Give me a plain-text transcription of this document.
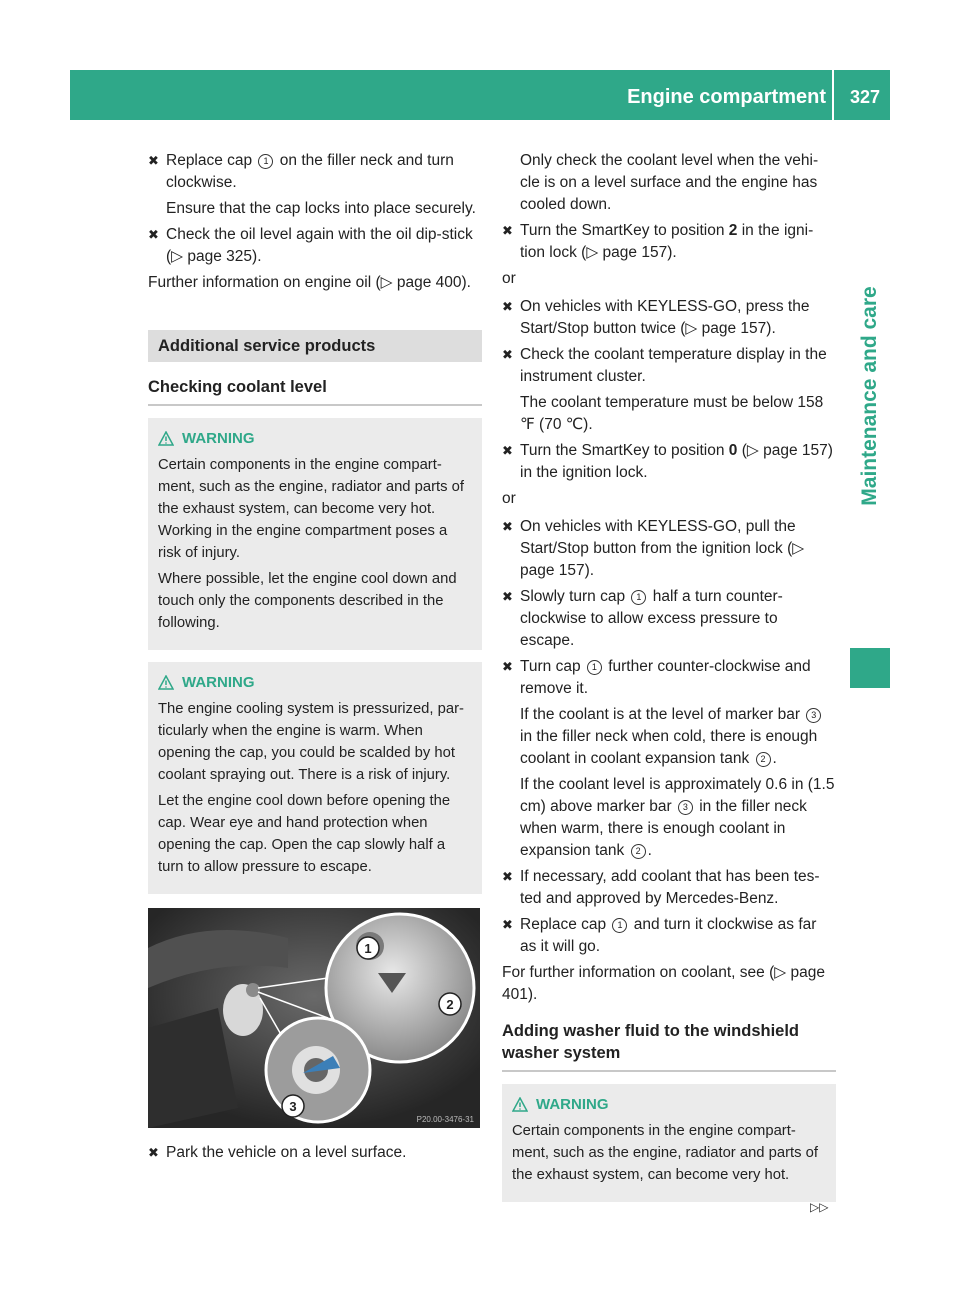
Engine compartment 327
Maintenance and care
✖ Replace cap 1 on the filler neck and turn clockwise.
Ensure that the cap locks into place securely.
✖ Check the oil level again with the oil dip-stick (▷ page 325).

Further information on engine oil (▷ page 400).

Additional service products
Checking coolant level
WARNING

Certain components in the engine compart-ment, such as the engine, radiator and parts of the exhaust system, can become very hot. Working in the engine compartment poses a risk of injury.

Where possible, let the engine cool down and touch only the components described in the following.

WARNING

The engine cooling system is pressurized, par-ticularly when the engine is warm. When opening the cap, you could be scalded by hot coolant spraying out. There is a risk of injury.

Let the engine cool down before opening the cap. Wear eye and hand protection when opening the cap. Open the cap slowly half a turn to allow pressure to escape.

1
2
3
P20.00-3476-31
✖ Park the vehicle on a level surface.
Only check the coolant level when the vehi-cle is on a level surface and the engine has cooled down.
✖ Turn the SmartKey to position 2 in the igni-tion lock (▷ page 157).

or

✖ On vehicles with KEYLESS-GO, press the Start/Stop button twice (▷ page 157).
✖ Check the coolant temperature display in the instrument cluster.
The coolant temperature must be below 158 ℉ (70 ℃).
✖ Turn the SmartKey to position 0 (▷ page 157) in the ignition lock.

or

✖ On vehicles with KEYLESS-GO, pull the Start/Stop button from the ignition lock (▷ page 157).
✖ Slowly turn cap 1 half a turn counter-clockwise to allow excess pressure to escape.
✖ Turn cap 1 further counter-clockwise and remove it.
If the coolant is at the level of marker bar 3 in the filler neck when cold, there is enough coolant in coolant expansion tank 2 .
If the coolant level is approximately 0.6 in (1.5 cm) above marker bar 3 in the filler neck when warm, there is enough coolant in expansion tank 2 .
✖ If necessary, add coolant that has been tes-ted and approved by Mercedes-Benz.
✖ Replace cap 1 and turn it clockwise as far as it will go.

For further information on coolant, see (▷ page 401).

Adding washer fluid to the windshield washer system
WARNING

Certain components in the engine compart-ment, such as the engine, radiator and parts of the exhaust system, can become very hot.

▷▷
